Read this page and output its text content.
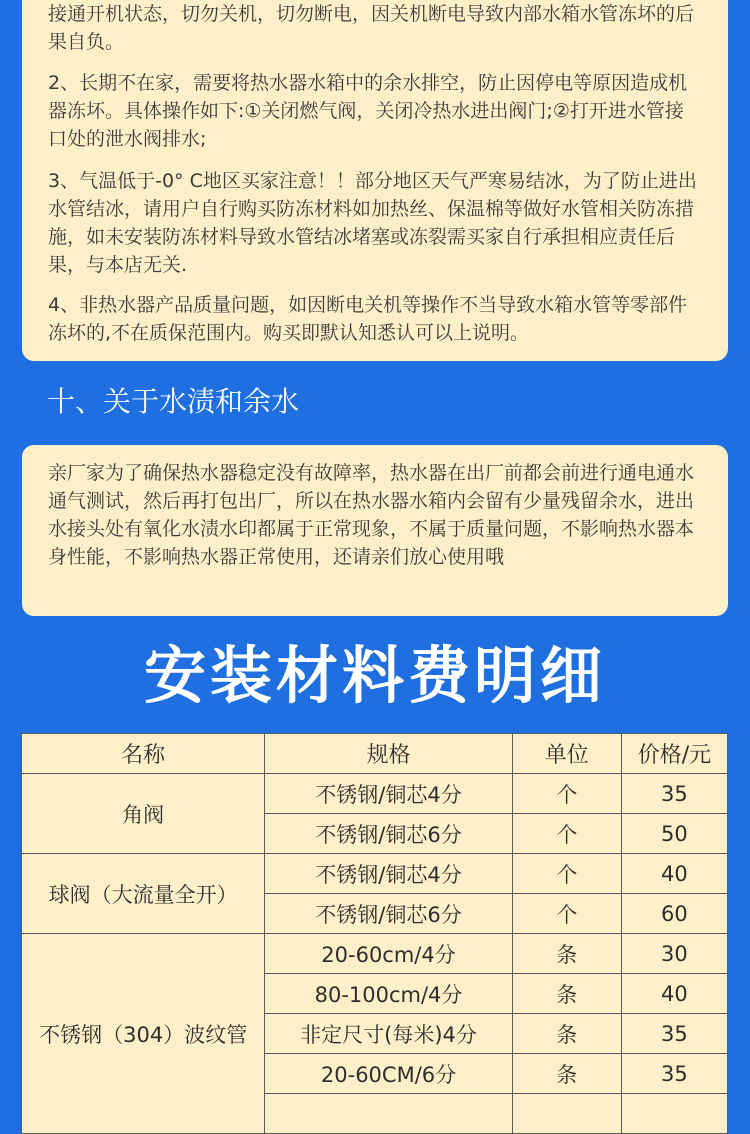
接通开机状态，切勿关机，切勿断电，因关机断电导致内部水箱水管冻坏的后果自负。

2、长期不在家，需要将热水器水箱中的余水排空，防止因停电等原因造成机器冻坏。具体操作如下:①关闭燃气阀，关闭冷热水进出阀门;②打开进水管接口处的泄水阀排水;

3、气温低于-0° C地区买家注意！！部分地区天气严寒易结冰，为了防止进出水管结冰，请用户自行购买防冻材料如加热丝、保温棉等做好水管相关防冻措施，如未安装防冻材料导致水管结冰堵塞或冻裂需买家自行承担相应责任后果，与本店无关.

4、非热水器产品质量问题，如因断电关机等操作不当导致水箱水管等零部件冻坏的,不在质保范围内。购买即默认知悉认可以上说明。

十、关于水渍和余水

亲厂家为了确保热水器稳定没有故障率，热水器在出厂前都会前进行通电通水通气测试，然后再打包出厂，所以在热水器水箱内会留有少量残留余水，进出水接头处有氧化水渍水印都属于正常现象，不属于质量问题，不影响热水器本身性能，不影响热水器正常使用，还请亲们放心使用哦

安装材料费明细
名称	规格	单位	价格/元
角阀	不锈钢/铜芯4分	个	35
	不锈钢/铜芯6分	个	50
球阀（大流量全开）	不锈钢/铜芯4分	个	40
	不锈钢/铜芯6分	个	60
不锈钢（304）波纹管	20-60cm/4分	条	30
	80-100cm/4分	条	40
	非定尺寸(每米)4分	条	35
	20-60CM/6分	条	35
